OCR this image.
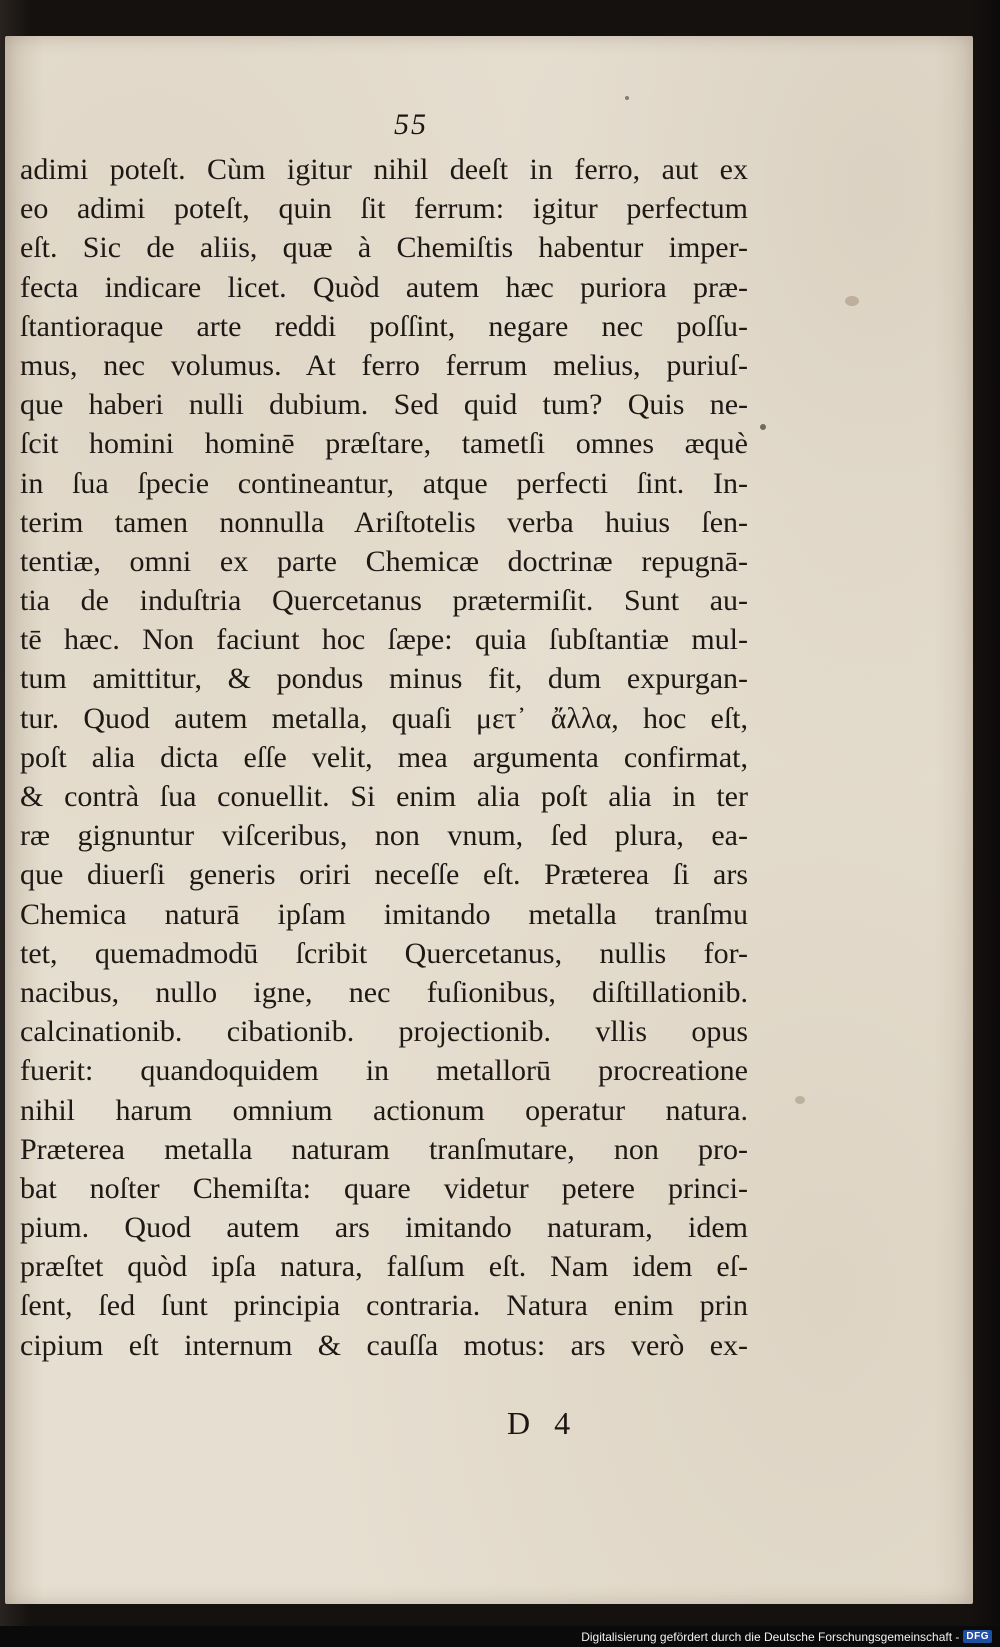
55
adimi poteſt. Cùm igitur nihil deeſt in ferro, aut ex
eo adimi poteſt, quin ſit ferrum: igitur perfectum
eſt. Sic de aliis, quæ à Chemiſtis habentur imper-
fecta indicare licet. Quòd autem hæc puriora præ-
ſtantioraque arte reddi poſſint, negare nec poſſu-
mus, nec volumus. At ferro ferrum melius, puriuſ-
que haberi nulli dubium. Sed quid tum? Quis ne-
ſcit homini hominē præſtare, tametſi omnes æquè
in ſua ſpecie contineantur, atque perfecti ſint. In-
terim tamen nonnulla Ariſtotelis verba huius ſen-
tentiæ, omni ex parte Chemicæ doctrinæ repugnā-
tia de induſtria Quercetanus prætermiſit. Sunt au-
tē hæc. Non faciunt hoc ſæpe: quia ſubſtantiæ mul-
tum amittitur, & pondus minus fit, dum expurgan-
tur. Quod autem metalla, quaſi μετ᾽ ἄλλα, hoc eſt,
poſt alia dicta eſſe velit, mea argumenta confirmat,
& contrà ſua conuellit. Si enim alia poſt alia in ter
ræ gignuntur viſceribus, non vnum, ſed plura, ea-
que diuerſi generis oriri neceſſe eſt. Præterea ſi ars
Chemica naturā ipſam imitando metalla tranſmu
tet, quemadmodū ſcribit Quercetanus, nullis for-
nacibus, nullo igne, nec fuſionibus, diſtillationib.
calcinationib. cibationib. projectionib. vllis opus
fuerit: quandoquidem in metallorū procreatione
nihil harum omnium actionum operatur natura.
Præterea metalla naturam tranſmutare, non pro-
bat noſter Chemiſta: quare videtur petere princi-
pium. Quod autem ars imitando naturam, idem
præſtet quòd ipſa natura, falſum eſt. Nam idem eſ-
ſent, ſed ſunt principia contraria. Natura enim prin
cipium eſt internum & cauſſa motus: ars verò ex-
D 4
Digitalisierung gefördert durch die Deutsche Forschungsgemeinschaft - DFG
